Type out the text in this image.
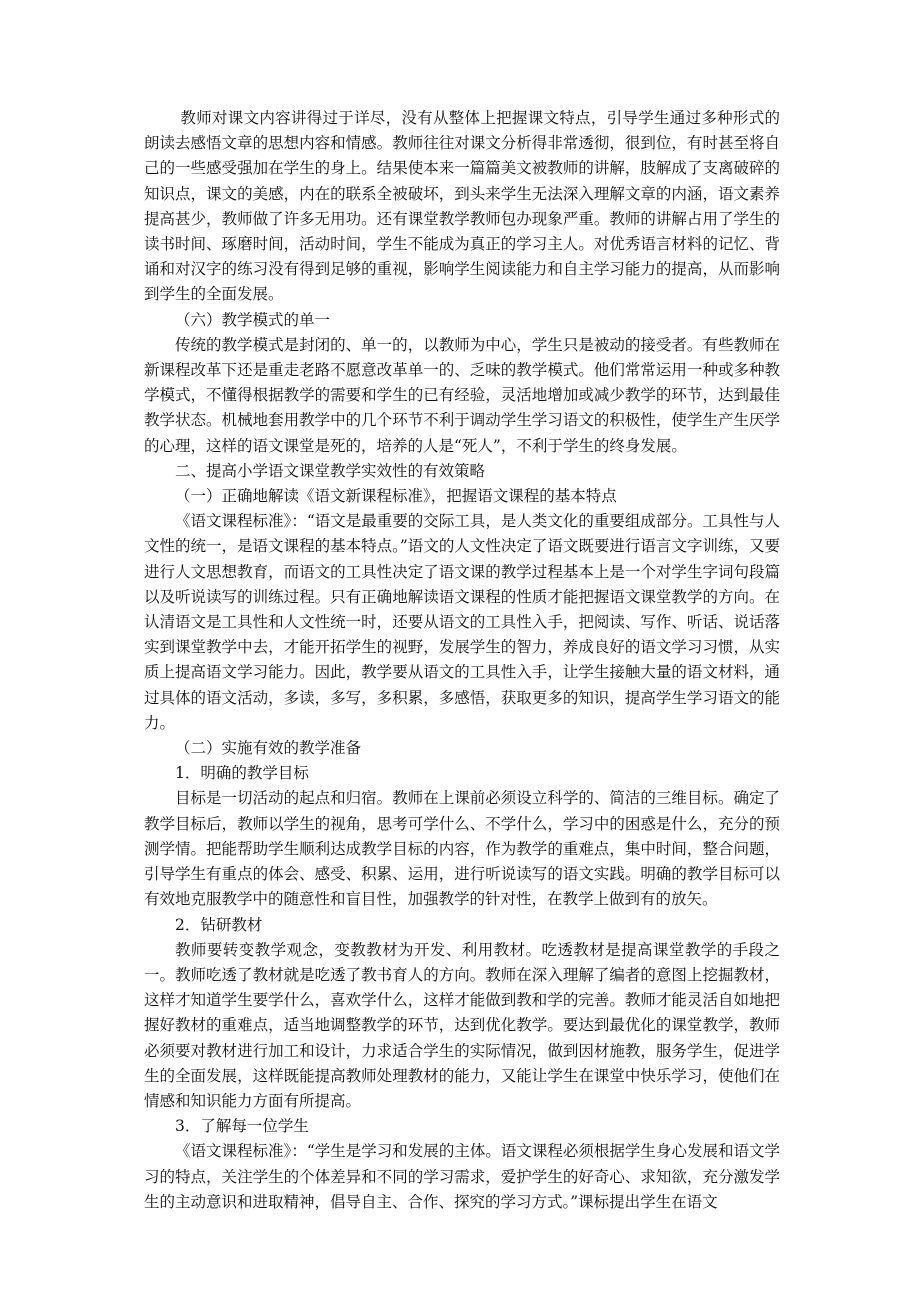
教师对课文内容讲得过于详尽，没有从整体上把握课文特点，引导学生通过多种形式的朗读去感悟文章的思想内容和情感。教师往往对课文分析得非常透彻，很到位，有时甚至将自己的一些感受强加在学生的身上。结果使本来一篇篇美文被教师的讲解，肢解成了支离破碎的知识点，课文的美感，内在的联系全被破坏，到头来学生无法深入理解文章的内涵，语文素养提高甚少，教师做了许多无用功。还有课堂教学教师包办现象严重。教师的讲解占用了学生的读书时间、琢磨时间，活动时间，学生不能成为真正的学习主人。对优秀语言材料的记忆、背诵和对汉字的练习没有得到足够的重视，影响学生阅读能力和自主学习能力的提高，从而影响到学生的全面发展。

（六）教学模式的单一

传统的教学模式是封闭的、单一的，以教师为中心，学生只是被动的接受者。有些教师在新课程改革下还是重走老路不愿意改革单一的、乏味的教学模式。他们常常运用一种或多种教学模式，不懂得根据教学的需要和学生的已有经验，灵活地增加或减少教学的环节，达到最佳教学状态。机械地套用教学中的几个环节不利于调动学生学习语文的积极性，使学生产生厌学的心理，这样的语文课堂是死的，培养的人是“死人”，不利于学生的终身发展。

二、提高小学语文课堂教学实效性的有效策略

（一）正确地解读《语文新课程标准》，把握语文课程的基本特点

《语文课程标准》：“语文是最重要的交际工具，是人类文化的重要组成部分。工具性与人文性的统一，是语文课程的基本特点。”语文的人文性决定了语文既要进行语言文字训练，又要进行人文思想教育，而语文的工具性决定了语文课的教学过程基本上是一个对学生字词句段篇以及听说读写的训练过程。只有正确地解读语文课程的性质才能把握语文课堂教学的方向。在认清语文是工具性和人文性统一时，还要从语文的工具性入手，把阅读、写作、听话、说话落实到课堂教学中去，才能开拓学生的视野，发展学生的智力，养成良好的语文学习习惯，从实质上提高语文学习能力。因此，教学要从语文的工具性入手，让学生接触大量的语文材料，通过具体的语文活动，多读，多写，多积累，多感悟，获取更多的知识，提高学生学习语文的能力。

（二）实施有效的教学准备

1．明确的教学目标

目标是一切活动的起点和归宿。教师在上课前必须设立科学的、简洁的三维目标。确定了教学目标后，教师以学生的视角，思考可学什么、不学什么，学习中的困惑是什么，充分的预测学情。把能帮助学生顺利达成教学目标的内容，作为教学的重难点，集中时间，整合问题，引导学生有重点的体会、感受、积累、运用，进行听说读写的语文实践。明确的教学目标可以有效地克服教学中的随意性和盲目性，加强教学的针对性，在教学上做到有的放矢。

2．钻研教材

教师要转变教学观念，变教教材为开发、利用教材。吃透教材是提高课堂教学的手段之一。教师吃透了教材就是吃透了教书育人的方向。教师在深入理解了编者的意图上挖掘教材，这样才知道学生要学什么，喜欢学什么，这样才能做到教和学的完善。教师才能灵活自如地把握好教材的重难点，适当地调整教学的环节，达到优化教学。要达到最优化的课堂教学，教师必须要对教材进行加工和设计，力求适合学生的实际情况，做到因材施教，服务学生，促进学生的全面发展，这样既能提高教师处理教材的能力，又能让学生在课堂中快乐学习，使他们在情感和知识能力方面有所提高。

3．了解每一位学生

《语文课程标准》：“学生是学习和发展的主体。语文课程必须根据学生身心发展和语文学习的特点，关注学生的个体差异和不同的学习需求，爱护学生的好奇心、求知欲，充分激发学生的主动意识和进取精神，倡导自主、合作、探究的学习方式。”课标提出学生在语文
